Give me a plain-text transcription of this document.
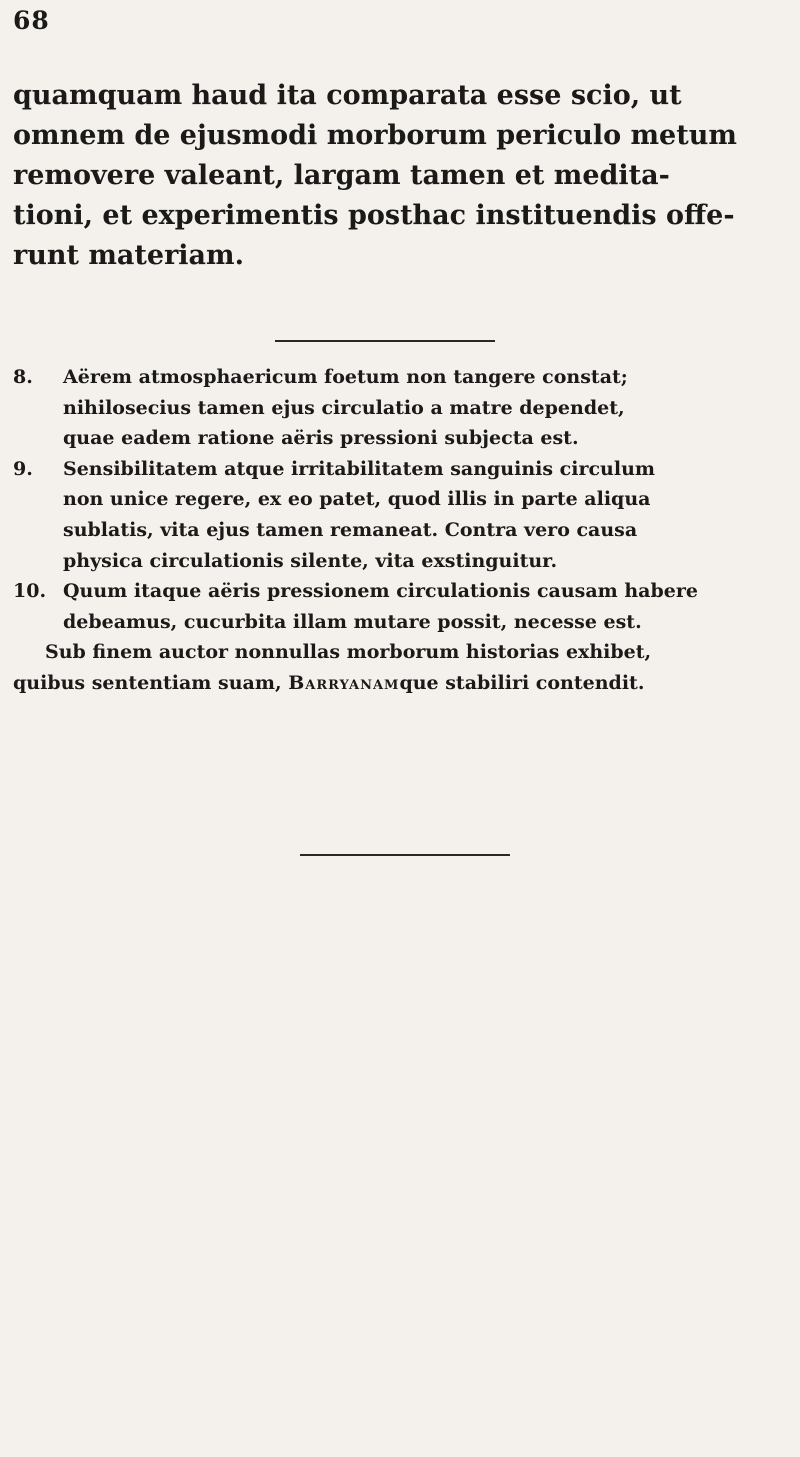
68
quamquam haud ita comparata esse scio, ut
omnem de ejusmodi morborum periculo metum
removere valeant, largam tamen et medita-
tioni, et experimentis posthac instituendis offe-
runt materiam.
8. Aërem atmosphaericum foetum non tangere constat;
nihilosecius tamen ejus circulatio a matre dependet,
quae eadem ratione aëris pressioni subjecta est.
9. Sensibilitatem atque irritabilitatem sanguinis circulum
non unice regere, ex eo patet, quod illis in parte aliqua
sublatis, vita ejus tamen remaneat. Contra vero causa
physica circulationis silente, vita exstinguitur.
10. Quum itaque aëris pressionem circulationis causam habere
debeamus, cucurbita illam mutare possit, necesse est.
Sub finem auctor nonnullas morborum historias exhibet,
quibus sententiam suam, Barryanamque stabiliri contendit.
